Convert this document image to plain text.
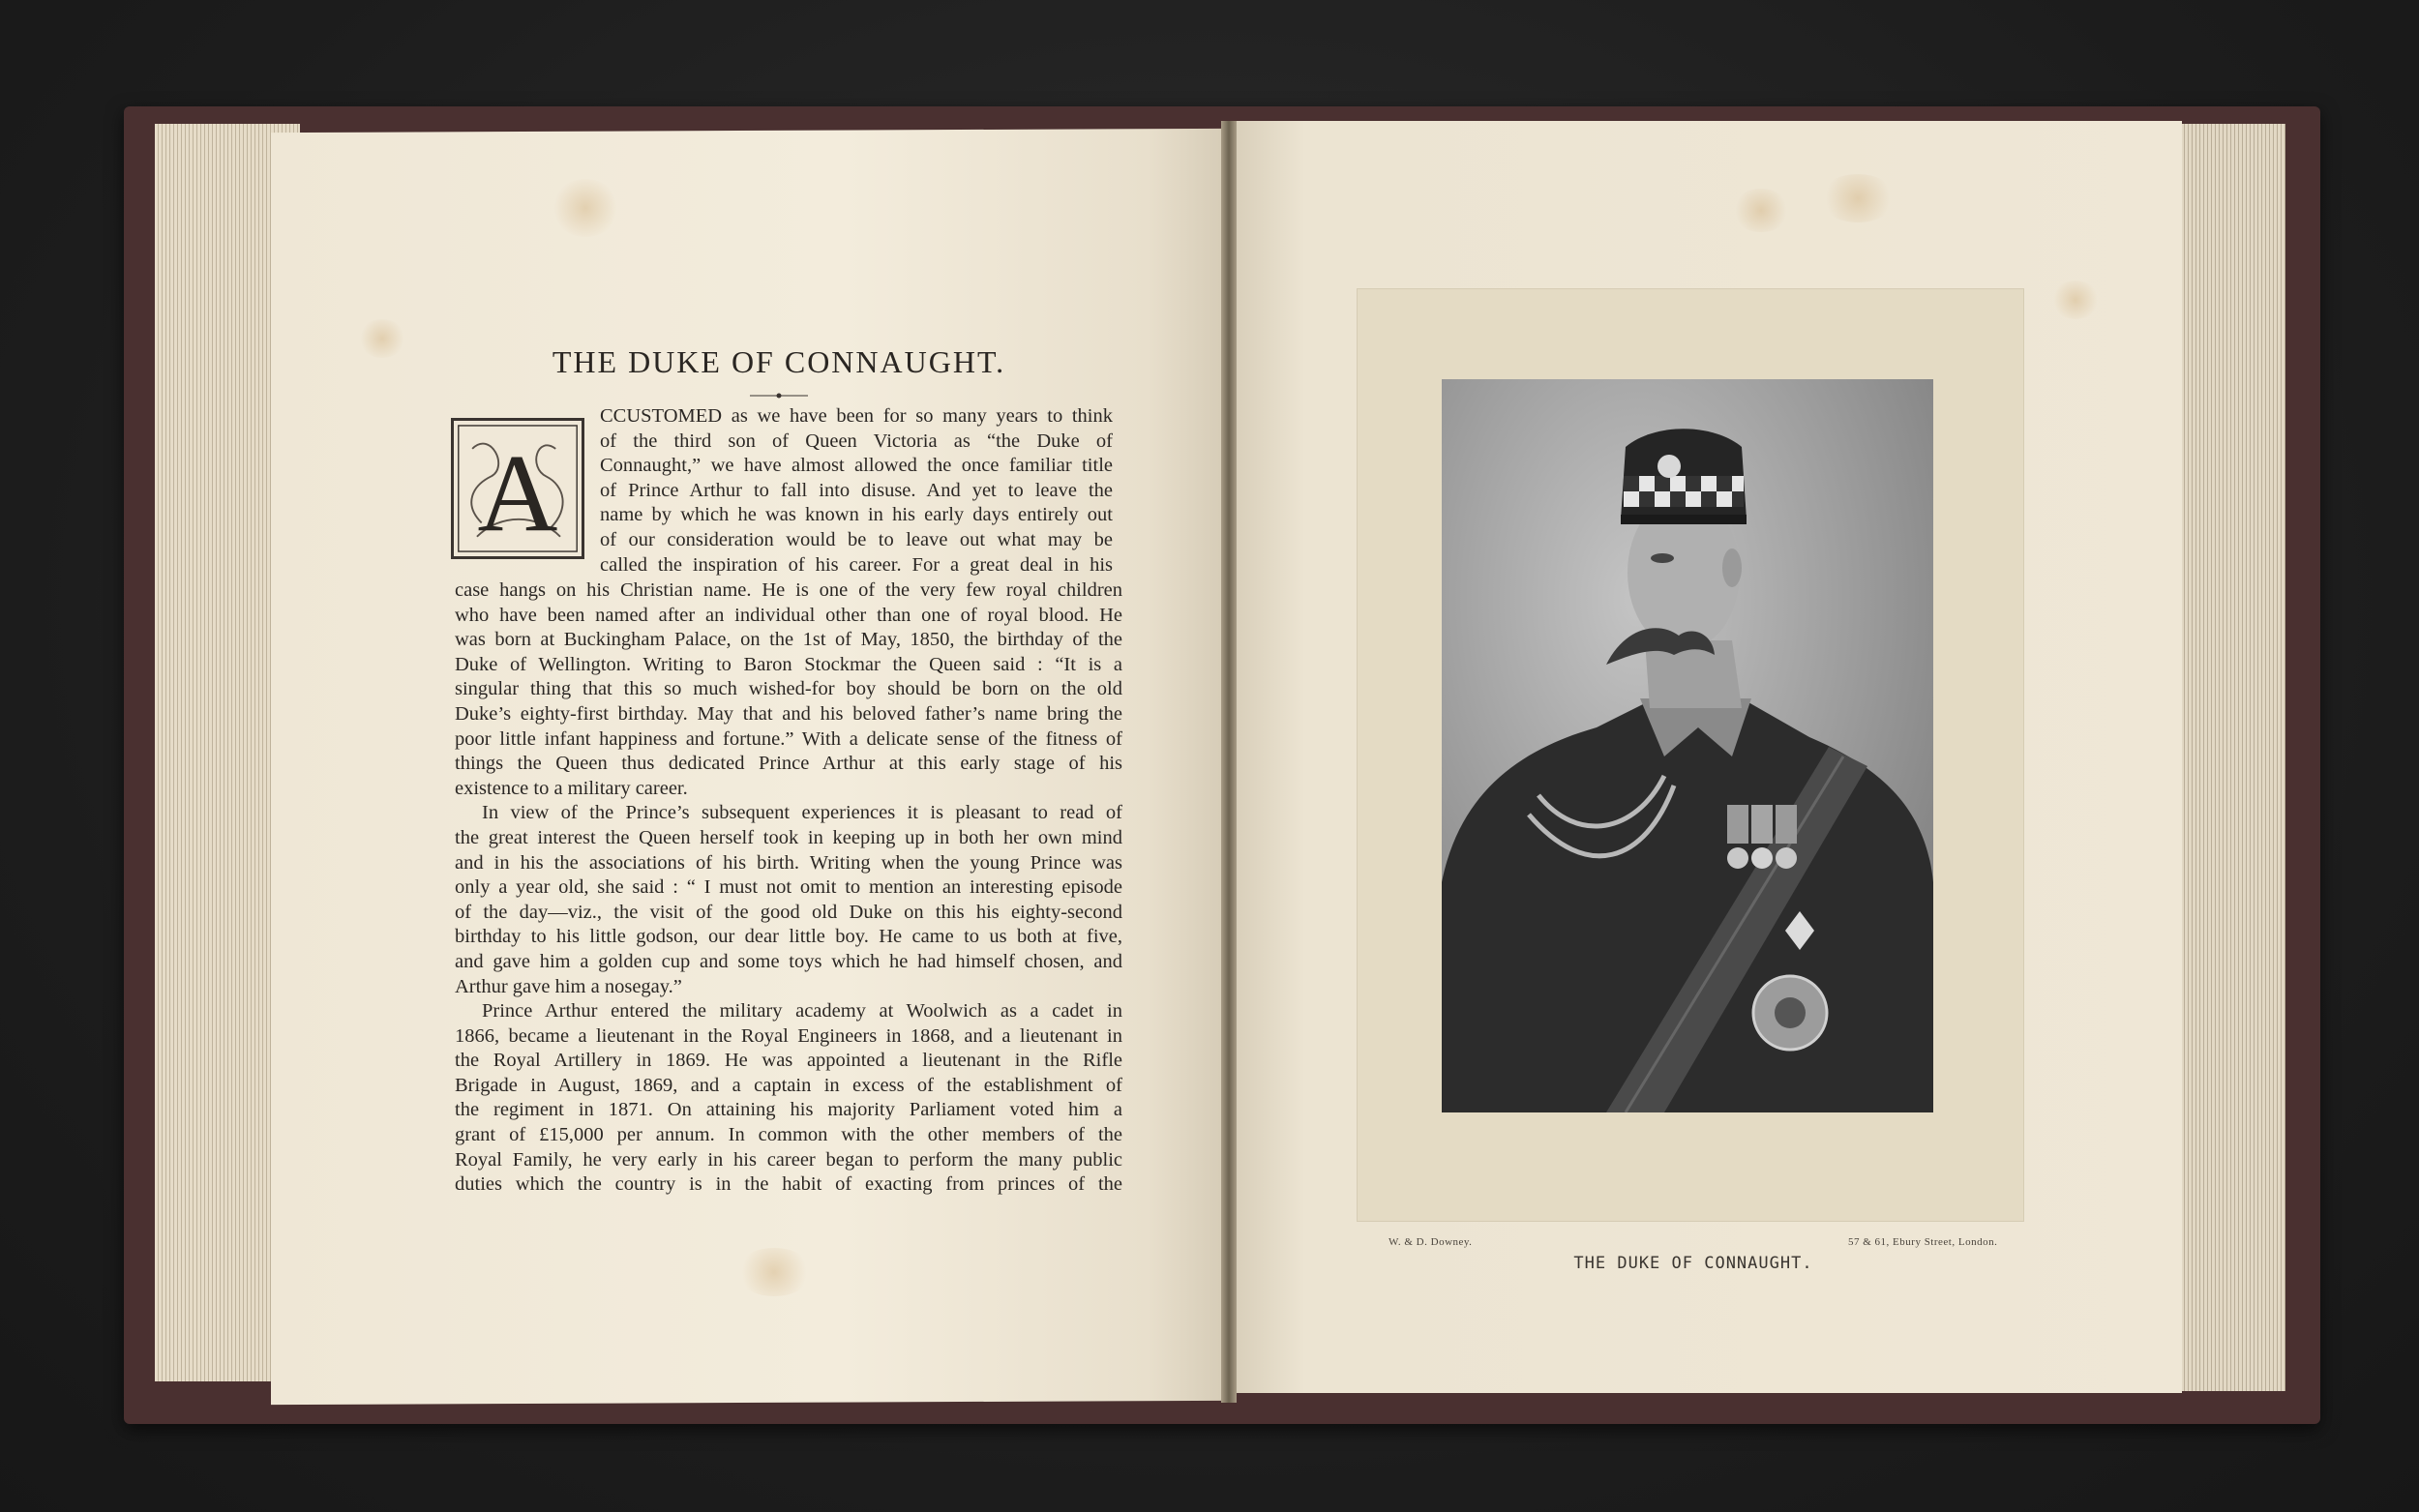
THE DUKE OF CONNAUGHT.
A

CCUSTOMED as we have been for so many years to think

of the third son of Queen Victoria as “the Duke of

Connaught,” we have almost allowed the once familiar title

of Prince Arthur to fall into disuse. And yet to leave the

name by which he was known in his early days entirely out

of our consideration would be to leave out what may be

called the inspiration of his career. For a great deal in his

case hangs on his Christian name. He is one of the very few royal children

who have been named after an individual other than one of royal blood. He

was born at Buckingham Palace, on the 1st of May, 1850, the birthday of the

Duke of Wellington. Writing to Baron Stockmar the Queen said : “It is a

singular thing that this so much wished-for boy should be born on the old

Duke’s eighty-first birthday. May that and his beloved father’s name bring the

poor little infant happiness and fortune.” With a delicate sense of the fitness of

things the Queen thus dedicated Prince Arthur at this early stage of his

existence to a military career.

In view of the Prince’s subsequent experiences it is pleasant to read of

the great interest the Queen herself took in keeping up in both her own mind

and in his the associations of his birth. Writing when the young Prince was

only a year old, she said : “ I must not omit to mention an interesting episode

of the day—viz., the visit of the good old Duke on this his eighty-second

birthday to his little godson, our dear little boy. He came to us both at five,

and gave him a golden cup and some toys which he had himself chosen, and

Arthur gave him a nosegay.”

Prince Arthur entered the military academy at Woolwich as a cadet in

1866, became a lieutenant in the Royal Engineers in 1868, and a lieutenant in

the Royal Artillery in 1869. He was appointed a lieutenant in the Rifle

Brigade in August, 1869, and a captain in excess of the establishment of

the regiment in 1871. On attaining his majority Parliament voted him a

grant of £15,000 per annum. In common with the other members of the

Royal Family, he very early in his career began to perform the many public

duties which the country is in the habit of exacting from princes of the

W. & D. Downey.	57 & 61, Ebury Street, London.
THE DUKE OF CONNAUGHT.
